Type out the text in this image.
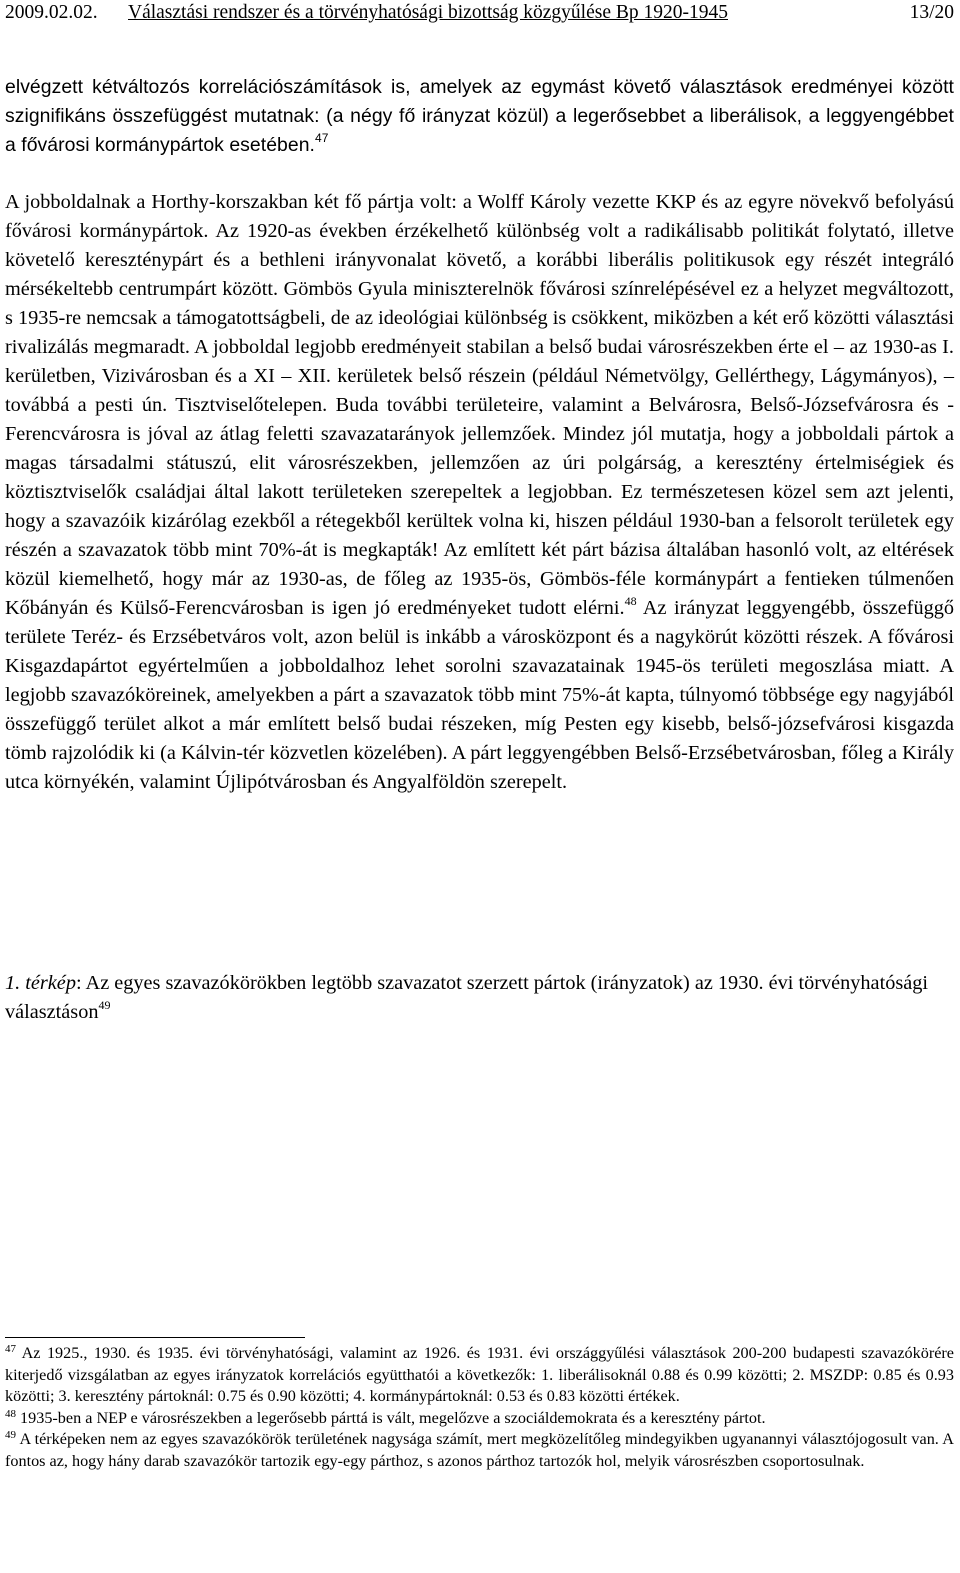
2009.02.02. Választási rendszer és a törvényhatósági bizottság közgyűlése Bp 1920-1945	13/20
elvégzett kétváltozós korrelációszámítások is, amelyek az egymást követő választások eredményei között szignifikáns összefüggést mutatnak: (a négy fő irányzat közül) a legerősebbet a liberálisok, a leggyengébbet a fővárosi kormánypártok esetében.$^{47}$
A jobboldalnak a Horthy-korszakban két fő pártja volt: a Wolff Károly vezette KKP és az egyre növekvő befolyású fővárosi kormánypártok. Az 1920-as években érzékelhető különbség volt a radikálisabb politikát folytató, illetve követelő kereszténypárt és a bethleni irányvonalat követő, a korábbi liberális politikusok egy részét integráló mérsékeltebb centrumpárt között. Gömbös Gyula miniszterelnök fővárosi színrelépésével ez a helyzet megváltozott, s 1935-re nemcsak a támogatottságbeli, de az ideológiai különbség is csökkent, miközben a két erő közötti választási rivalizálás megmaradt. A jobboldal legjobb eredményeit stabilan a belső budai városrészekben érte el – az 1930-as I. kerületben, Vizivárosban és a XI – XII. kerületek belső részein (például Németvölgy, Gellérthegy, Lágymányos), – továbbá a pesti ún. Tisztviselőtelepen. Buda további területeire, valamint a Belvárosra, Belső-Józsefvárosra és -Ferencvárosra is jóval az átlag feletti szavazatarányok jellemzőek. Mindez jól mutatja, hogy a jobboldali pártok a magas társadalmi státuszú, elit városrészekben, jellemzően az úri polgárság, a keresztény értelmiségiek és köztisztviselők családjai által lakott területeken szerepeltek a legjobban. Ez természetesen közel sem azt jelenti, hogy a szavazóik kizárólag ezekből a rétegekből kerültek volna ki, hiszen például 1930-ban a felsorolt területek egy részén a szavazatok több mint 70%-át is megkapták! Az említett két párt bázisa általában hasonló volt, az eltérések közül kiemelhető, hogy már az 1930-as, de főleg az 1935-ös, Gömbös-féle kormánypárt a fentieken túlmenően Kőbányán és Külső-Ferencvárosban is igen jó eredményeket tudott elérni.$^{48}$ Az irányzat leggyengébb, összefüggő területe Teréz- és Erzsébetváros volt, azon belül is inkább a városközpont és a nagykörút közötti részek. A fővárosi Kisgazdapártot egyértelműen a jobboldalhoz lehet sorolni szavazatainak 1945-ös területi megoszlása miatt. A legjobb szavazóköreinek, amelyekben a párt a szavazatok több mint 75%-át kapta, túlnyomó többsége egy nagyjából összefüggő terület alkot a már említett belső budai részeken, míg Pesten egy kisebb, belső-józsefvárosi kisgazda tömb rajzolódik ki (a Kálvin-tér közvetlen közelében). A párt leggyengébben Belső-Erzsébetvárosban, főleg a Király utca környékén, valamint Újlipótvárosban és Angyalföldön szerepelt.
1. térkép: Az egyes szavazókörökben legtöbb szavazatot szerzett pártok (irányzatok) az 1930. évi törvényhatósági választáson$^{49}$

$^{47}$ Az 1925., 1930. és 1935. évi törvényhatósági, valamint az 1926. és 1931. évi országgyűlési választások 200-200 budapesti szavazókörére kiterjedő vizsgálatban az egyes irányzatok korrelációs együtthatói a következők: 1. liberálisoknál 0.88 és 0.99 közötti; 2. MSZDP: 0.85 és 0.93 közötti; 3. keresztény pártoknál: 0.75 és 0.90 közötti; 4. kormánypártoknál: 0.53 és 0.83 közötti értékek.

$^{48}$ 1935-ben a NEP e városrészekben a legerősebb párttá is vált, megelőzve a szociáldemokrata és a keresztény pártot.

$^{49}$ A térképeken nem az egyes szavazókörök területének nagysága számít, mert megközelítőleg mindegyikben ugyanannyi választójogosult van. A fontos az, hogy hány darab szavazókör tartozik egy-egy párthoz, s azonos párthoz tartozók hol, melyik városrészben csoportosulnak.
